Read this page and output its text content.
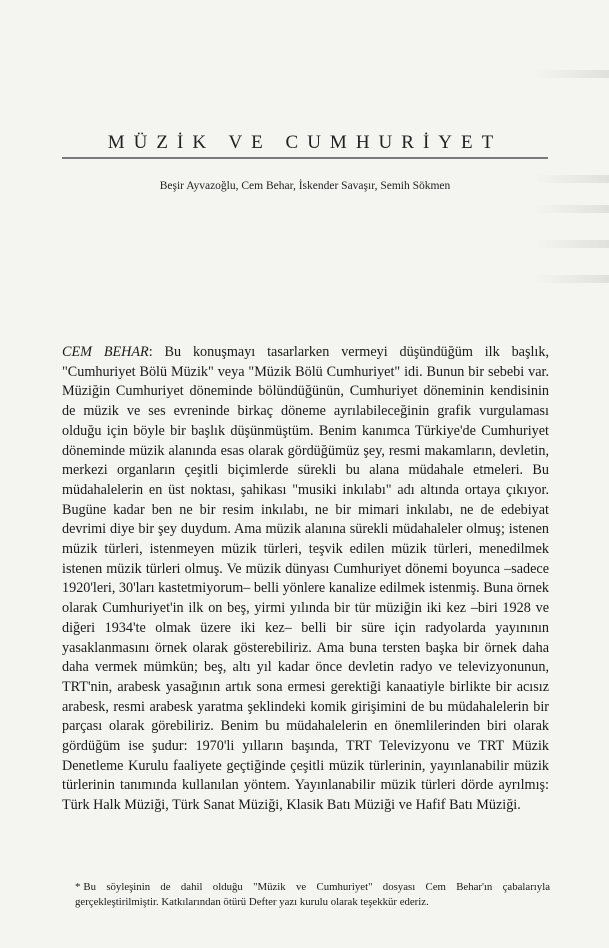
MÜZİK VE CUMHURİYET
Beşir Ayvazoğlu, Cem Behar, İskender Savaşır, Semih Sökmen

CEM BEHAR: Bu konuşmayı tasarlarken vermeyi düşündüğüm ilk başlık, "Cumhuriyet Bölü Müzik" veya "Müzik Bölü Cumhuriyet" idi. Bunun bir sebebi var. Müziğin Cumhuriyet döneminde bölündüğünün, Cumhuriyet döneminin kendisinin de müzik ve ses evreninde birkaç döneme ayrılabileceğinin grafik vurgulaması olduğu için böyle bir başlık düşünmüştüm. Benim kanımca Türkiye'de Cumhuriyet döneminde müzik alanında esas olarak gördüğümüz şey, resmi makamların, devletin, merkezi organların çeşitli biçimlerde sürekli bu alana müdahale etmeleri. Bu müdahalelerin en üst noktası, şahikası "musiki inkılabı" adı altında ortaya çıkıyor. Bugüne kadar ben ne bir resim inkılabı, ne bir mimari inkılabı, ne de edebiyat devrimi diye bir şey duydum. Ama müzik alanına sürekli müdahaleler olmuş; istenen müzik türleri, istenmeyen müzik türleri, teşvik edilen müzik türleri, menedilmek istenen müzik türleri olmuş. Ve müzik dünyası Cumhuriyet dönemi boyunca –sadece 1920'leri, 30'ları kastetmiyorum– belli yönlere kanalize edilmek istenmiş. Buna örnek olarak Cumhuriyet'in ilk on beş, yirmi yılında bir tür müziğin iki kez –biri 1928 ve diğeri 1934'te olmak üzere iki kez– belli bir süre için radyolarda yayınının yasaklanmasını örnek olarak gösterebiliriz. Ama buna tersten başka bir örnek daha daha vermek mümkün; beş, altı yıl kadar önce devletin radyo ve televizyonunun, TRT'nin, arabesk yasağının artık sona ermesi gerektiği kanaatiyle birlikte bir acısız arabesk, resmi arabesk yaratma şeklindeki komik girişimini de bu müdahalelerin bir parçası olarak görebiliriz. Benim bu müdahalelerin en önemlilerinden biri olarak gördüğüm ise şudur: 1970'li yılların başında, TRT Televizyonu ve TRT Müzik Denetleme Kurulu faaliyete geçtiğinde çeşitli müzik türlerinin, yayınlanabilir müzik türlerinin tanımında kullanılan yöntem. Yayınlanabilir müzik türleri dörde ayrılmış: Türk Halk Müziği, Türk Sanat Müziği, Klasik Batı Müziği ve Hafif Batı Müziği.

* Bu söyleşinin de dahil olduğu "Müzik ve Cumhuriyet" dosyası Cem Behar'ın çabalarıyla gerçekleştirilmiştir. Katkılarından ötürü Defter yazı kurulu olarak teşekkür ederiz.
